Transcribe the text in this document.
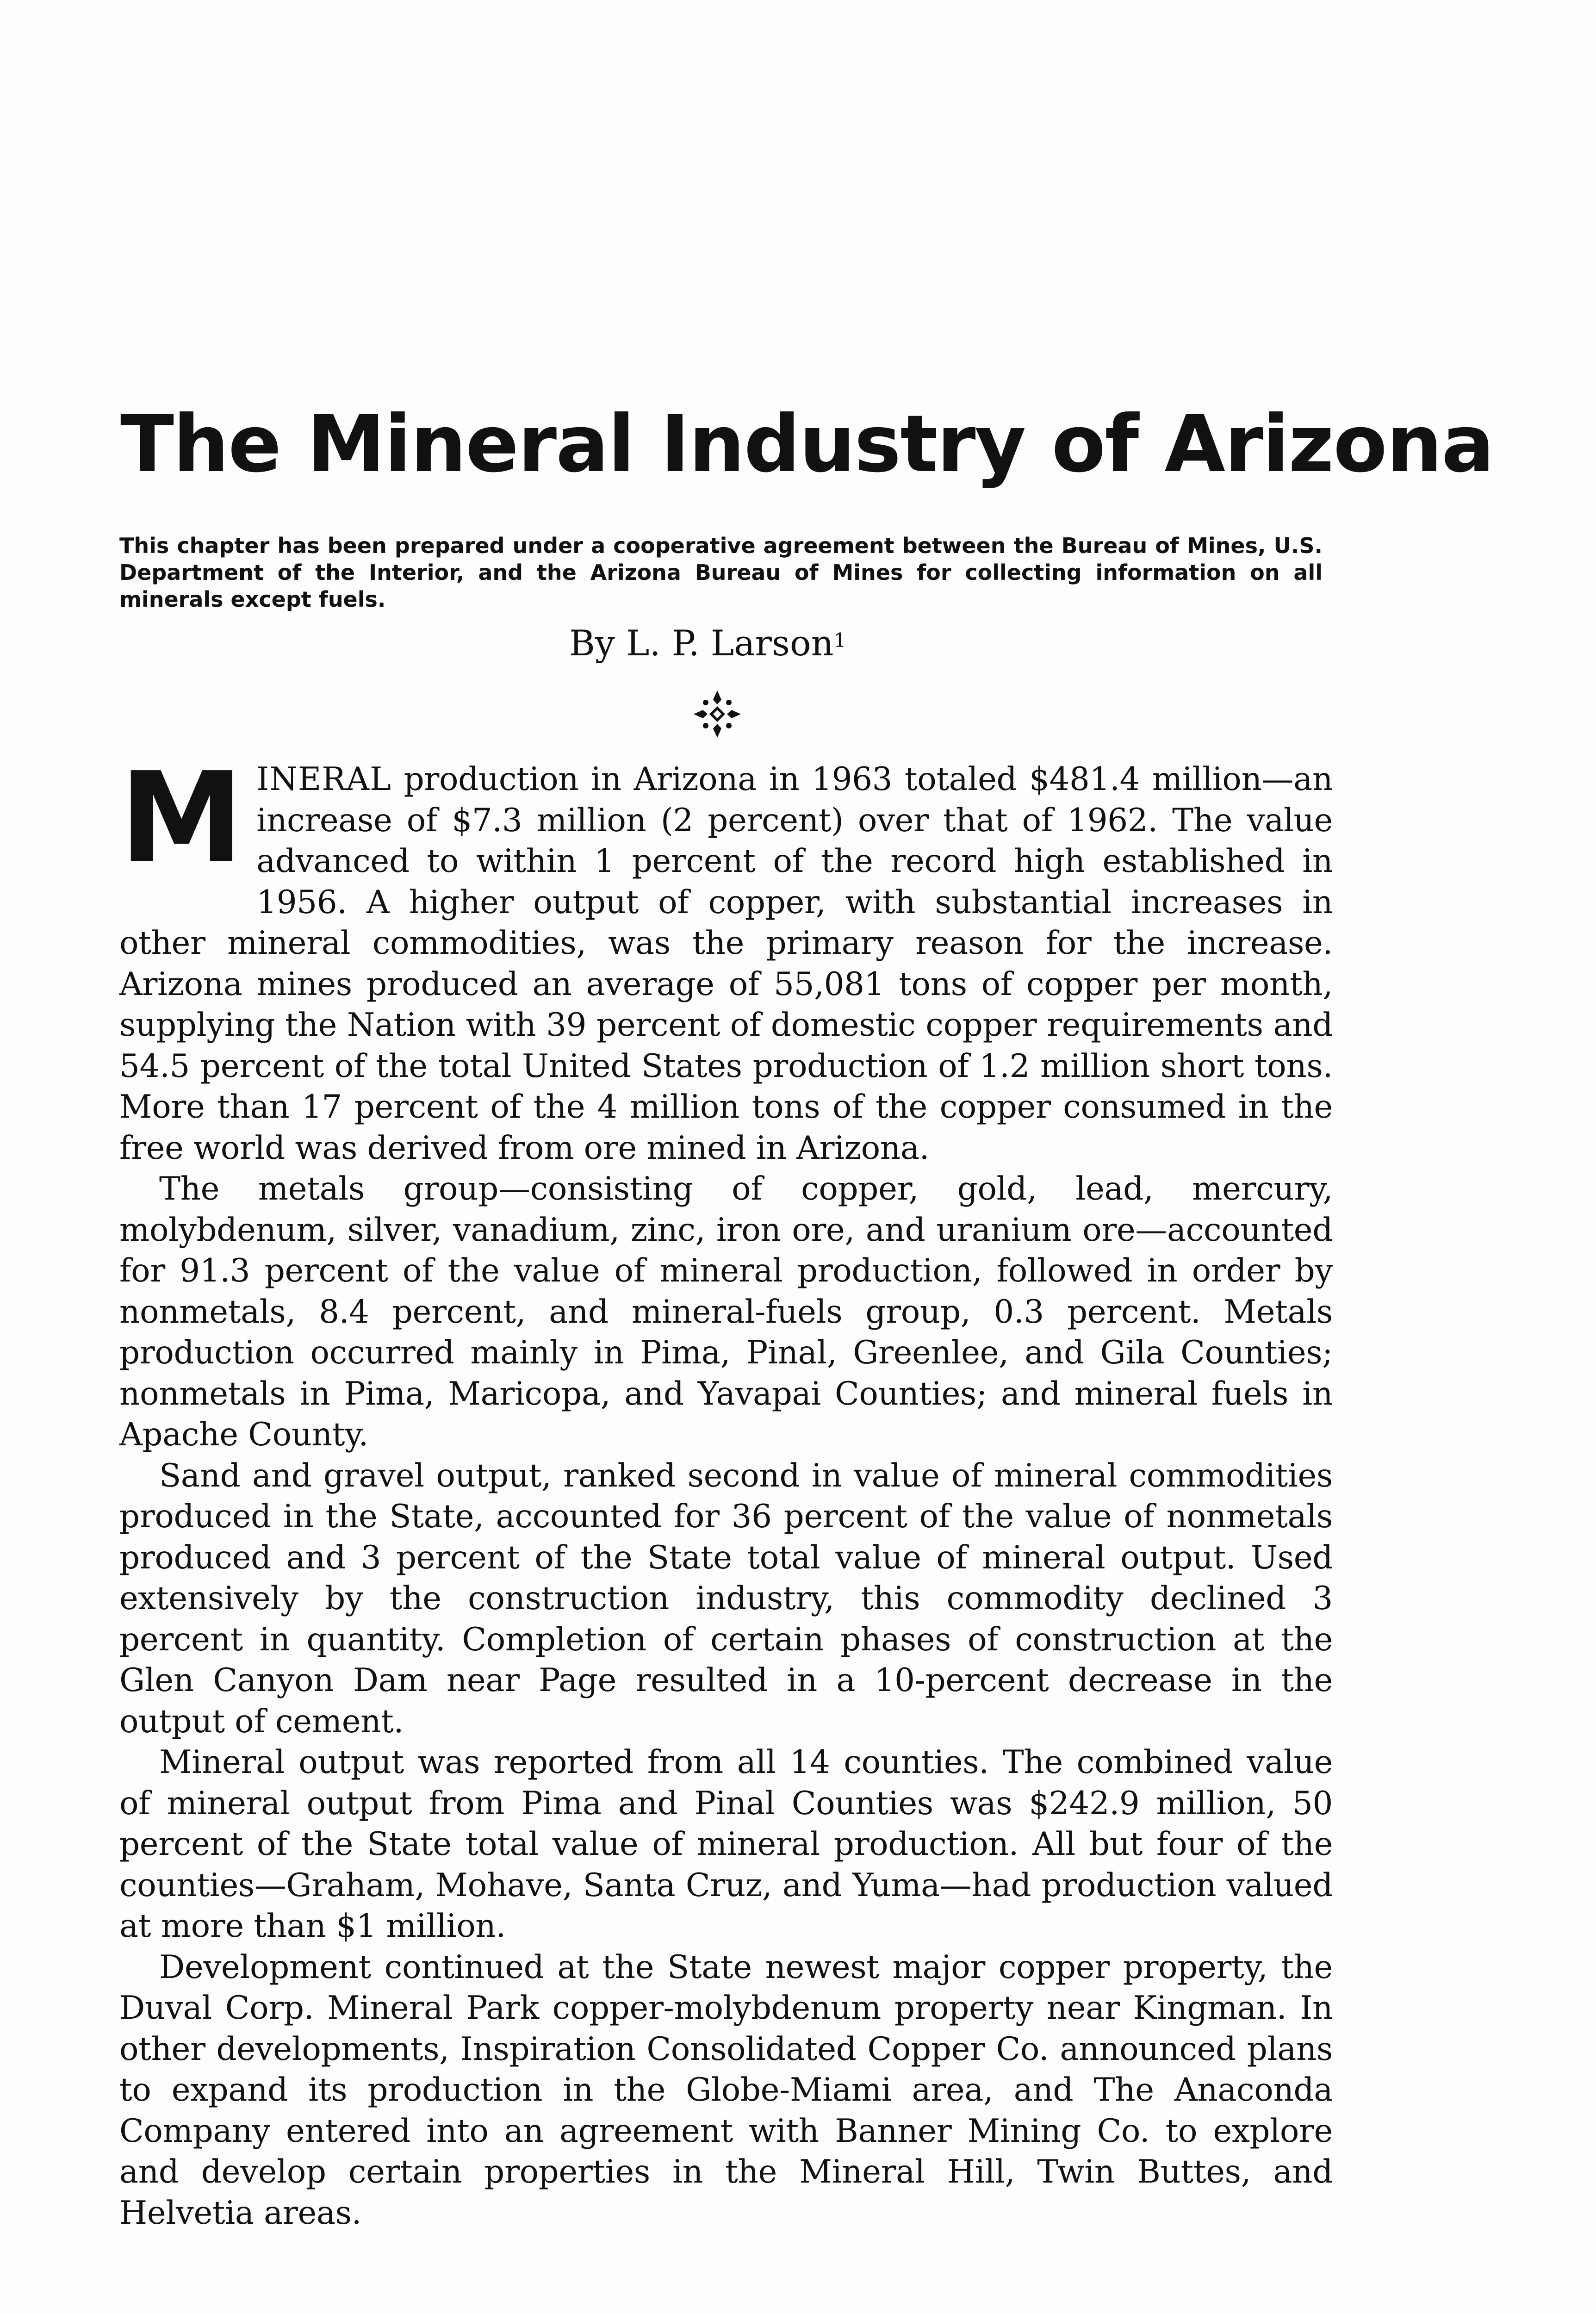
The Mineral Industry of Arizona

This chapter has been prepared under a cooperative agreement between the Bureau of Mines, U.S. Department of the Interior, and the Arizona Bureau of Mines for collecting information on all minerals except fuels.

By L. P. Larson$^1$

MINERAL production in Arizona in 1963 totaled $481.4 million—an increase of $7.3 million (2 percent) over that of 1962. The value advanced to within 1 percent of the record high established in 1956. A higher output of copper, with substantial increases in other mineral commodities, was the primary reason for the increase. Arizona mines produced an average of 55,081 tons of copper per month, supplying the Nation with 39 percent of domestic copper requirements and 54.5 percent of the total United States production of 1.2 million short tons. More than 17 percent of the 4 million tons of the copper consumed in the free world was derived from ore mined in Arizona.

The metals group—consisting of copper, gold, lead, mercury, molybdenum, silver, vanadium, zinc, iron ore, and uranium ore—accounted for 91.3 percent of the value of mineral production, followed in order by nonmetals, 8.4 percent, and mineral-fuels group, 0.3 percent. Metals production occurred mainly in Pima, Pinal, Greenlee, and Gila Counties; nonmetals in Pima, Maricopa, and Yavapai Counties; and mineral fuels in Apache County.

Sand and gravel output, ranked second in value of mineral commodities produced in the State, accounted for 36 percent of the value of nonmetals produced and 3 percent of the State total value of mineral output. Used extensively by the construction industry, this commodity declined 3 percent in quantity. Completion of certain phases of construction at the Glen Canyon Dam near Page resulted in a 10-percent decrease in the output of cement.

Mineral output was reported from all 14 counties. The combined value of mineral output from Pima and Pinal Counties was $242.9 million, 50 percent of the State total value of mineral production. All but four of the counties—Graham, Mohave, Santa Cruz, and Yuma—had production valued at more than $1 million.

Development continued at the State newest major copper property, the Duval Corp. Mineral Park copper-molybdenum property near Kingman. In other developments, Inspiration Consolidated Copper Co. announced plans to expand its production in the Globe-Miami area, and The Anaconda Company entered into an agreement with Banner Mining Co. to explore and develop certain properties in the Mineral Hill, Twin Buttes, and Helvetia areas.
